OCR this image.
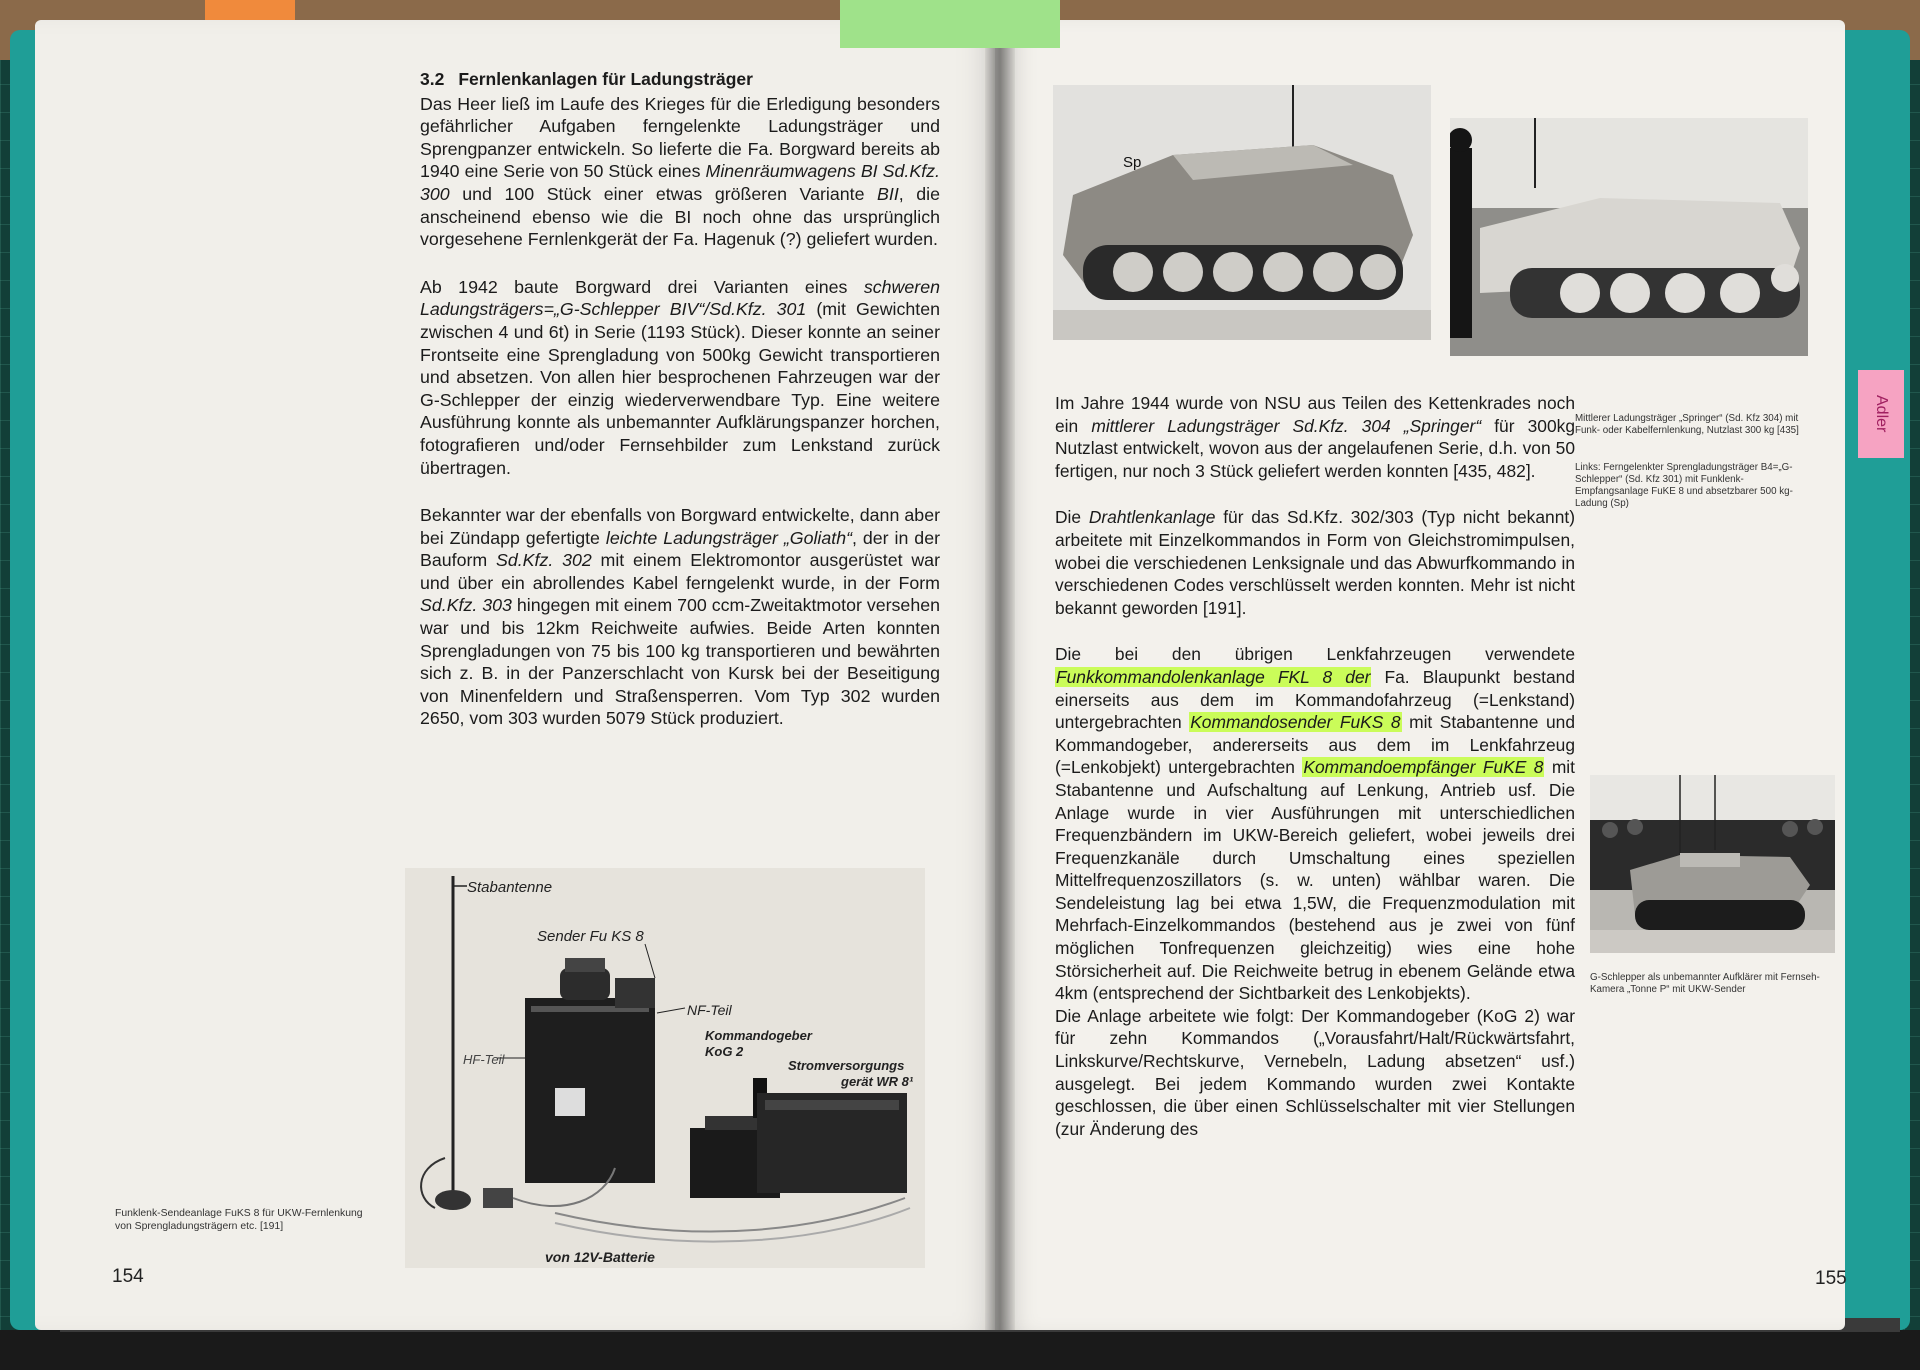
Adler
3.2 Fernlenkanlagen für Ladungsträger

Das Heer ließ im Laufe des Krieges für die Erledigung besonders gefährlicher Aufgaben ferngelenkte Ladungsträger und Sprengpanzer entwickeln. So lieferte die Fa. Borgward bereits ab 1940 eine Serie von 50 Stück eines Minenräumwagens BI Sd.Kfz. 300 und 100 Stück einer etwas größeren Variante BII, die anscheinend ebenso wie die BI noch ohne das ursprünglich vorgesehene Fernlenkgerät der Fa. Hagenuk (?) geliefert wurden.

Ab 1942 baute Borgward drei Varianten eines schweren Ladungsträgers=„G-Schlepper BIV“/Sd.Kfz. 301 (mit Gewichten zwischen 4 und 6t) in Serie (1193 Stück). Dieser konnte an seiner Frontseite eine Sprengladung von 500kg Gewicht transportieren und absetzen. Von allen hier besprochenen Fahrzeugen war der G-Schlepper der einzig wiederverwendbare Typ. Eine weitere Ausführung konnte als unbemannter Aufklärungspanzer horchen, fotografieren und/oder Fernsehbilder zum Lenkstand zurück übertragen.

Bekannter war der ebenfalls von Borgward entwickelte, dann aber bei Zündapp gefertigte leichte Ladungsträger „Goliath“, der in der Bauform Sd.Kfz. 302 mit einem Elektromontor ausgerüstet war und über ein abrollendes Kabel ferngelenkt wurde, in der Form Sd.Kfz. 303 hingegen mit einem 700 ccm-Zweitaktmotor versehen war und bis 12km Reichweite aufwies. Beide Arten konnten Sprengladungen von 75 bis 100 kg transportieren und bewährten sich z. B. in der Panzerschlacht von Kursk bei der Beseitigung von Minenfeldern und Straßensperren. Vom Typ 302 wurden 2650, vom 303 wurden 5079 Stück produziert.

Stabantenne
Sender Fu KS 8
HF-Teil
NF-Teil
Kommandogeber
KoG 2
Stromversorgungs
gerät WR 8¹
von 12V-Batterie
Funklenk-Sendeanlage FuKS 8 für UKW-Fernlenkung von Sprengladungsträgern etc. [191]
154
Sp

Im Jahre 1944 wurde von NSU aus Teilen des Kettenkrades noch ein mittlerer Ladungsträger Sd.Kfz. 304 „Springer“ für 300kg Nutzlast entwickelt, wovon aus der angelaufenen Serie, d.h. von 50 fertigen, nur noch 3 Stück geliefert werden konnten [435, 482].

Die Drahtlenkanlage für das Sd.Kfz. 302/303 (Typ nicht bekannt) arbeitete mit Einzelkommandos in Form von Gleichstromimpulsen, wobei die verschiedenen Lenksignale und das Abwurfkommando in verschiedenen Codes verschlüsselt werden konnten. Mehr ist nicht bekannt geworden [191].

Die bei den übrigen Lenkfahrzeugen verwendete Funkkommandolenkanlage FKL 8 der Fa. Blaupunkt bestand einerseits aus dem im Kommandofahrzeug (=Lenkstand) untergebrachten Kommandosender FuKS 8 mit Stabantenne und Kommandogeber, andererseits aus dem im Lenkfahrzeug (=Lenkobjekt) untergebrachten Kommandoempfänger FuKE 8 mit Stabantenne und Aufschaltung auf Lenkung, Antrieb usf. Die Anlage wurde in vier Ausführungen mit unterschiedlichen Frequenzbändern im UKW-Bereich geliefert, wobei jeweils drei Frequenzkanäle durch Umschaltung eines speziellen Mittelfrequenzoszillators (s. w. unten) wählbar waren. Die Sendeleistung lag bei etwa 1,5W, die Frequenzmodulation mit Mehrfach-Einzelkommandos (bestehend aus je zwei von fünf möglichen Tonfrequenzen gleichzeitig) wies eine hohe Störsicherheit auf. Die Reichweite betrug in ebenem Gelände etwa 4km (entsprechend der Sichtbarkeit des Lenkobjekts).

Die Anlage arbeitete wie folgt: Der Kommandogeber (KoG 2) war für zehn Kommandos („Vorausfahrt/Halt/Rückwärtsfahrt, Linkskurve/Rechtskurve, Vernebeln, Ladung absetzen“ usf.) ausgelegt. Bei jedem Kommando wurden zwei Kontakte geschlossen, die über einen Schlüsselschalter mit vier Stellungen (zur Änderung des

Mittlerer Ladungsträger „Springer“ (Sd. Kfz 304) mit Funk- oder Kabelfernlenkung, Nutzlast 300 kg [435]
Links: Ferngelenkter Sprengladungsträger B4=„G-Schlepper“ (Sd. Kfz 301) mit Funklenk-Empfangsanlage FuKE 8 und absetzbarer 500 kg-Ladung (Sp)
G-Schlepper als unbemannter Aufklärer mit Fernseh-Kamera „Tonne P“ mit UKW-Sender
155
